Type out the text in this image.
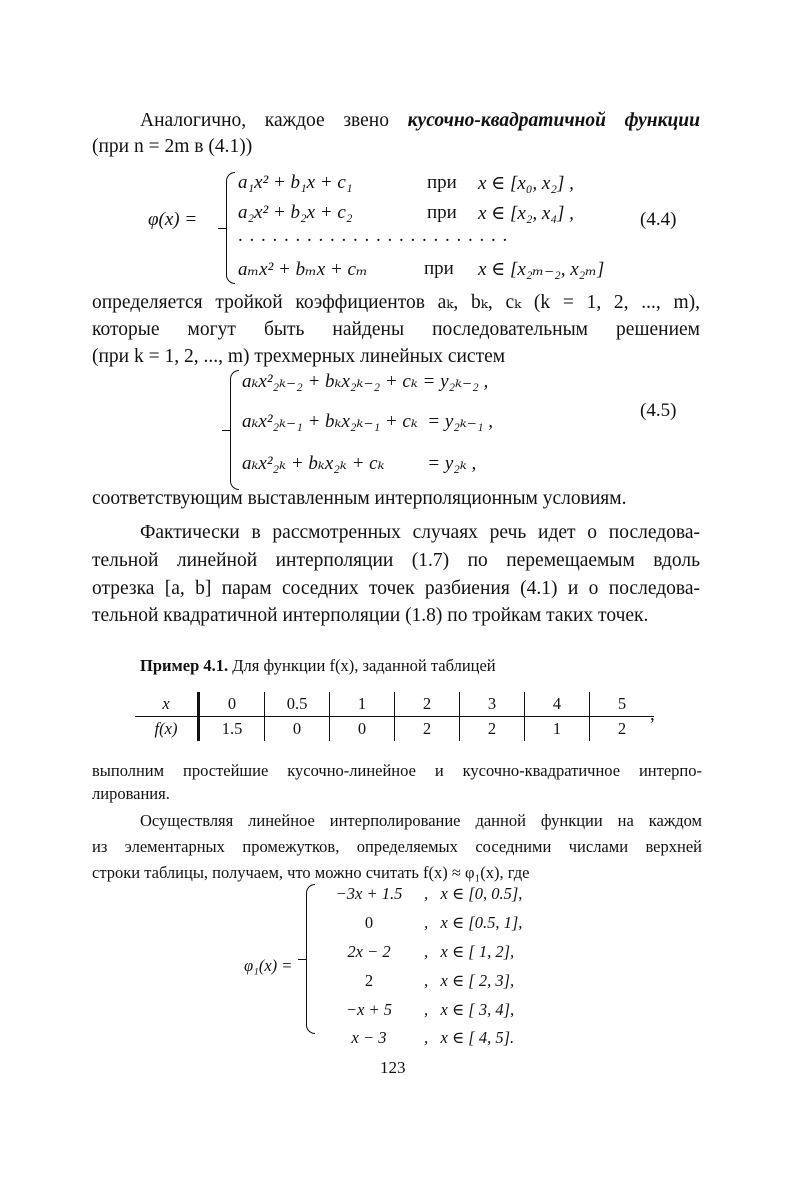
Аналогично, каждое звено кусочно-квадратичной функции
(при n = 2m в (4.1))
φ(x) =
a₁x² + b₁x + c₁	при x ∈ [x₀, x₂] ,
a₂x² + b₂x + c₂	при x ∈ [x₂, x₄] ,
. . . . . . . . . . . . . . . . . . . . . . . .
aₘx² + bₘx + cₘ	при x ∈ [x₂ₘ₋₂, x₂ₘ]
(4.4)
определяется тройкой коэффициентов aₖ, bₖ, cₖ (k = 1, 2, ..., m),
которые могут быть найдены последовательным решением
(при k = 1, 2, ..., m) трехмерных линейных систем
aₖx²₂ₖ₋₂ + bₖx₂ₖ₋₂ + cₖ = y₂ₖ₋₂ ,
aₖx²₂ₖ₋₁ + bₖx₂ₖ₋₁ + cₖ  = y₂ₖ₋₁ ,
aₖx²₂ₖ + bₖx₂ₖ + cₖ         = y₂ₖ ,
(4.5)
соответствующим выставленным интерполяционным условиям.
Фактически в рассмотренных случаях речь идет о последова-
тельной линейной интерполяции (1.7) по перемещаемым вдоль
отрезка [a, b] парам соседних точек разбиения (4.1) и о последова-
тельной квадратичной интерполяции (1.8) по тройкам таких точек.
Пример 4.1. Для функции f(x), заданной таблицей
x	0	0.5	1	2	3	4	5
f(x)	1.5	0	0	2	2	1	2
,
выполним простейшие кусочно-линейное и кусочно-квадратичное интерпо-
лирования.
Осуществляя линейное интерполирование данной функции на каждом
из элементарных промежутков, определяемых соседними числами верхней
строки таблицы, получаем, что можно считать f(x) ≈ φ₁(x), где
φ₁(x) =
−3x + 1.5	,   x ∈ [0, 0.5],
0	,   x ∈ [0.5, 1],
2x − 2	,   x ∈ [ 1, 2],
2	,   x ∈ [ 2, 3],
−x + 5	,   x ∈ [ 3, 4],
x − 3	,   x ∈ [ 4, 5].
123
